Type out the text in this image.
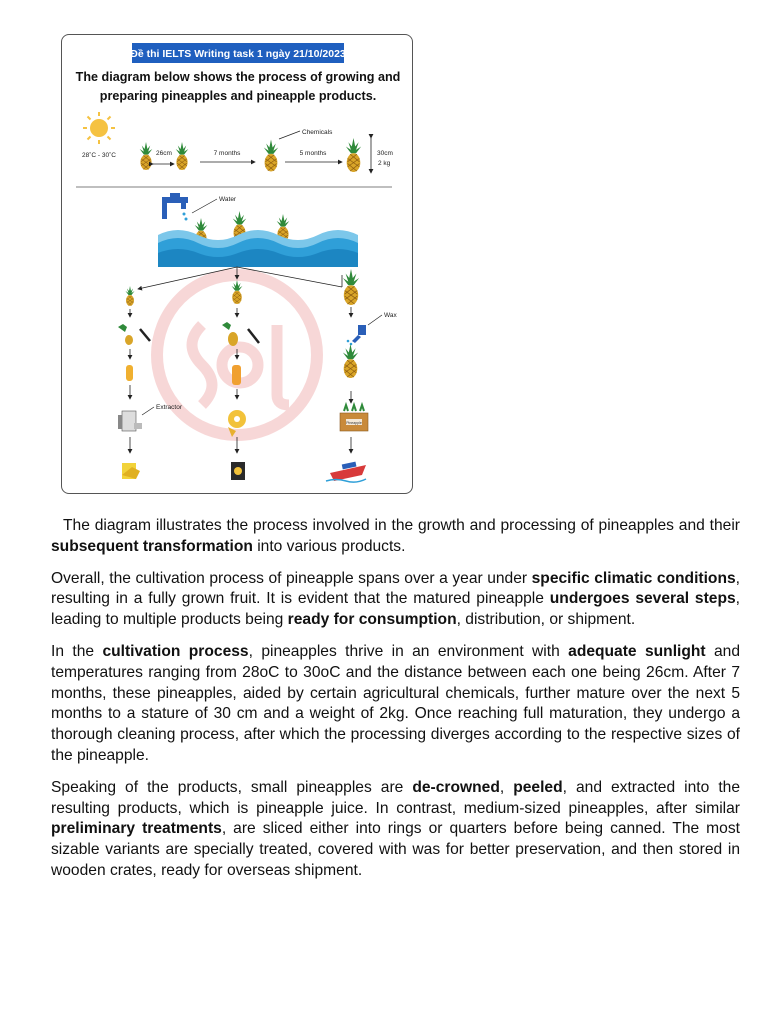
Đề thi IELTS Writing task 1 ngày 21/10/2023
The diagram below shows the process of growing and
preparing pineapples and pineapple products.
28˚C - 30˚C	26cm	7 months	5 months
Chemicals
30cm
2 kg
Water
Extractor
Wax
Pineapple

The diagram illustrates the process involved in the growth and processing of pineapples and their subsequent transformation into various products.

Overall, the cultivation process of pineapple spans over a year under specific climatic conditions, resulting in a fully grown fruit. It is evident that the matured pineapple undergoes several steps, leading to multiple products being ready for consumption, distribution, or shipment.

In the cultivation process, pineapples thrive in an environment with adequate sunlight and temperatures ranging from 28oC to 30oC and the distance between each one being 26cm. After 7 months, these pineapples, aided by certain agricultural chemicals, further mature over the next 5 months to a stature of 30 cm and a weight of 2kg. Once reaching full maturation, they undergo a thorough cleaning process, after which the processing diverges according to the respective sizes of the pineapple.

Speaking of the products, small pineapples are de-crowned, peeled, and extracted into the resulting products, which is pineapple juice. In contrast, medium-sized pineapples, after similar preliminary treatments, are sliced either into rings or quarters before being canned. The most sizable variants are specially treated, covered with was for better preservation, and then stored in wooden crates, ready for overseas shipment.
